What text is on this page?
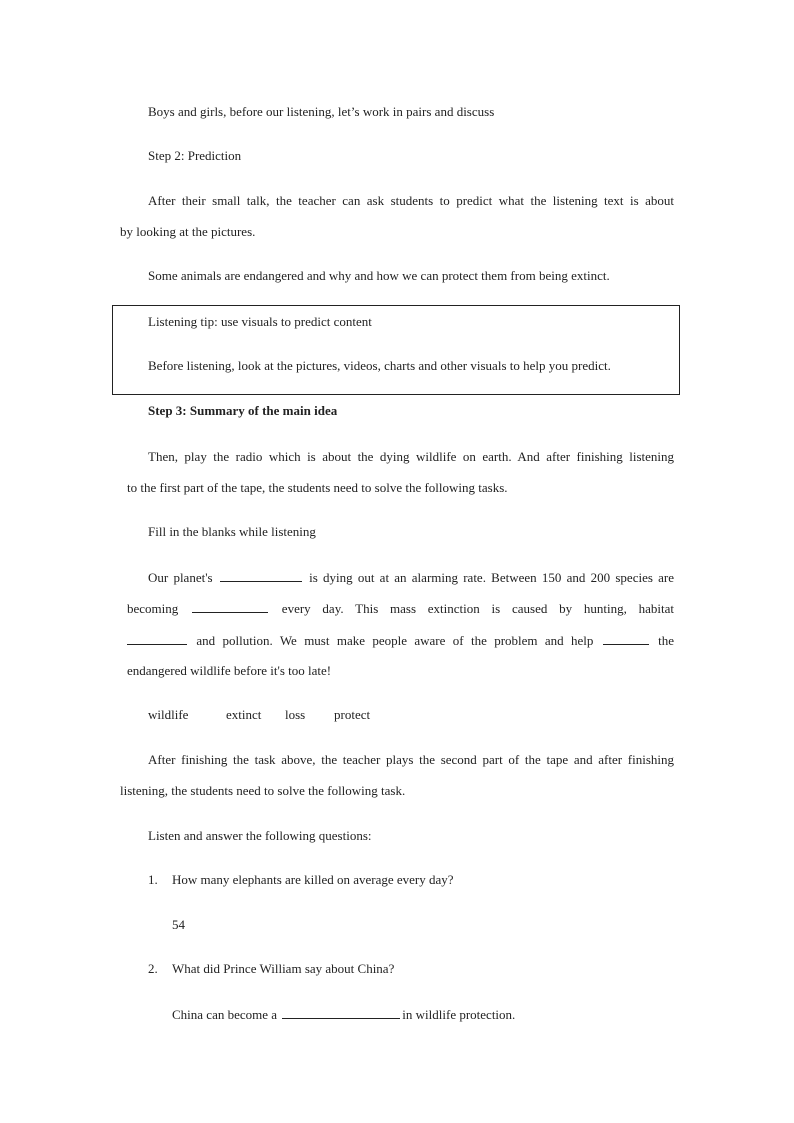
Boys and girls, before our listening, let’s work in pairs and discuss
Step 2: Prediction
After their small talk, the teacher can ask students to predict what the listening text is about
by looking at the pictures.
Some animals are endangered and why and how we can protect them from being extinct.
Listening tip: use visuals to predict content
Before listening, look at the pictures, videos, charts and other visuals to help you predict.
Step 3: Summary of the main idea
Then, play the radio which is about the dying wildlife on earth. And after finishing listening
to the first part of the tape, the students need to solve the following tasks.
Fill in the blanks while listening
Our planet's	is dying out at an alarming rate. Between 150 and 200 species are
becoming	every day. This mass extinction is caused by hunting, habitat
and pollution. We must make people aware of the problem and help	the
endangered wildlife before it's too late!
wildlife	extinct loss protect
After finishing the task above, the teacher plays the second part of the tape and after finishing
listening, the students need to solve the following task.
Listen and answer the following questions:
1. How many elephants are killed on average every day?
54
2. What did Prince William say about China?
China can become a	in wildlife protection.
